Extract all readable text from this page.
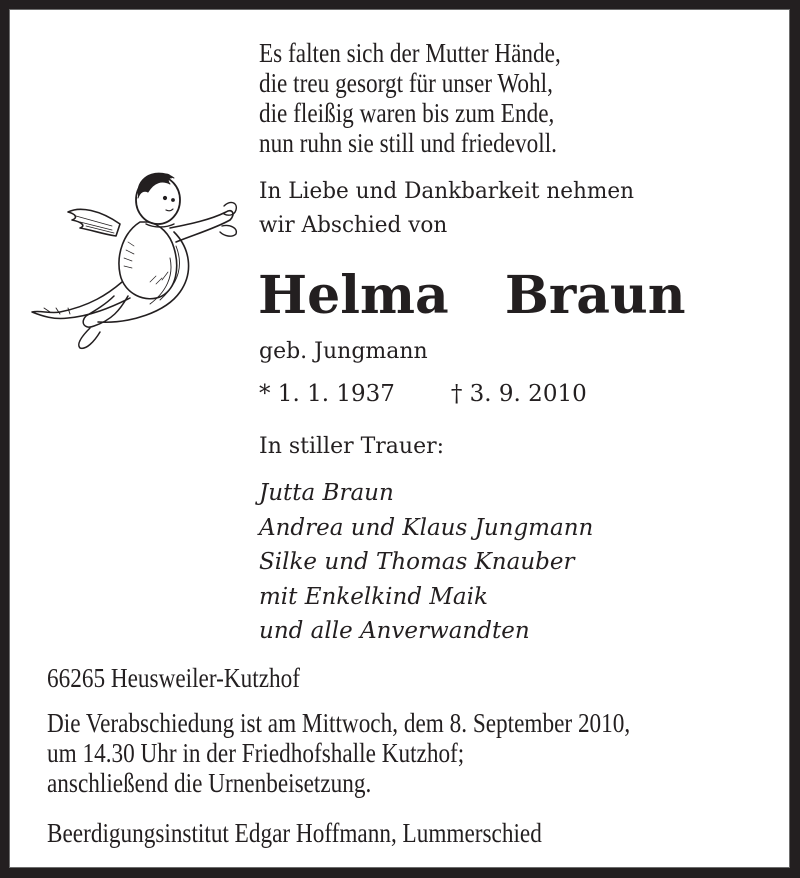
Es falten sich der Mutter Hände,
die treu gesorgt für unser Wohl,
die fleißig waren bis zum Ende,
nun ruhn sie still und friedevoll.
In Liebe und Dankbarkeit nehmen
wir Abschied von
Helma  Braun
geb. Jungmann
* 1. 1. 1937 † 3. 9. 2010
In stiller Trauer:
Jutta Braun
Andrea und Klaus Jungmann
Silke und Thomas Knauber
mit Enkelkind Maik
und alle Anverwandten
66265 Heusweiler-Kutzhof
Die Verabschiedung ist am Mittwoch, dem 8. September 2010,
um 14.30 Uhr in der Friedhofshalle Kutzhof;
anschließend die Urnenbeisetzung.
Beerdigungsinstitut Edgar Hoffmann, Lummerschied
